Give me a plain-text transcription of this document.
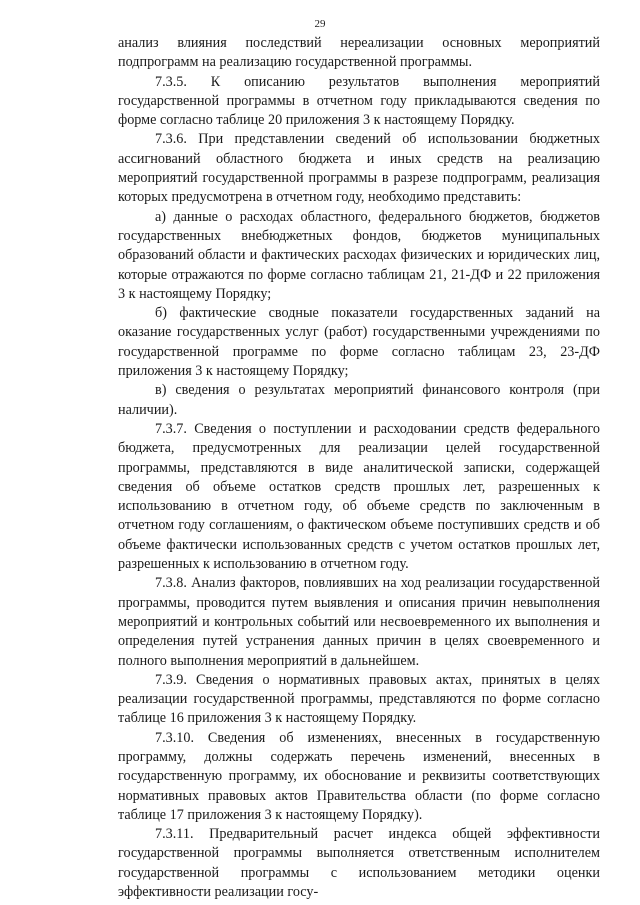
29

анализ влияния последствий нереализации основных мероприятий подпрограмм на реализацию государственной программы.

7.3.5. К описанию результатов выполнения мероприятий государственной программы в отчетном году прикладываются сведения по форме согласно таблице 20 приложения 3 к настоящему Порядку.

7.3.6. При представлении сведений об использовании бюджетных ассигнований областного бюджета и иных средств на реализацию мероприятий государственной программы в разрезе подпрограмм, реализация которых предусмотрена в отчетном году, необходимо представить:

а) данные о расходах областного, федерального бюджетов, бюджетов государственных внебюджетных фондов, бюджетов муниципальных образований области и фактических расходах физических и юридических лиц, которые отражаются по форме согласно таблицам 21, 21-ДФ и 22 приложения 3 к настоящему Порядку;

б) фактические сводные показатели государственных заданий на оказание государственных услуг (работ) государственными учреждениями по государственной программе по форме согласно таблицам 23, 23-ДФ приложения 3 к настоящему Порядку;

в) сведения о результатах мероприятий финансового контроля (при наличии).

7.3.7. Сведения о поступлении и расходовании средств федерального бюджета, предусмотренных для реализации целей государственной программы, представляются в виде аналитической записки, содержащей сведения об объеме остатков средств прошлых лет, разрешенных к использованию в отчетном году, об объеме средств по заключенным в отчетном году соглашениям, о фактическом объеме поступивших средств и об объеме фактически использованных средств с учетом остатков прошлых лет, разрешенных к использованию в отчетном году.

7.3.8. Анализ факторов, повлиявших на ход реализации государственной программы, проводится путем выявления и описания причин невыполнения мероприятий и контрольных событий или несвоевременного их выполнения и определения путей устранения данных причин в целях своевременного и полного выполнения мероприятий в дальнейшем.

7.3.9. Сведения о нормативных правовых актах, принятых в целях реализации государственной программы, представляются по форме согласно таблице 16 приложения 3 к настоящему Порядку.

7.3.10. Сведения об изменениях, внесенных в государственную программу, должны содержать перечень изменений, внесенных в государственную программу, их обоснование и реквизиты соответствующих нормативных правовых актов Правительства области (по форме согласно таблице 17 приложения 3 к настоящему Порядку).

7.3.11. Предварительный расчет индекса общей эффективности государственной программы выполняется ответственным исполнителем государственной программы с использованием методики оценки эффективности реализации госу-
